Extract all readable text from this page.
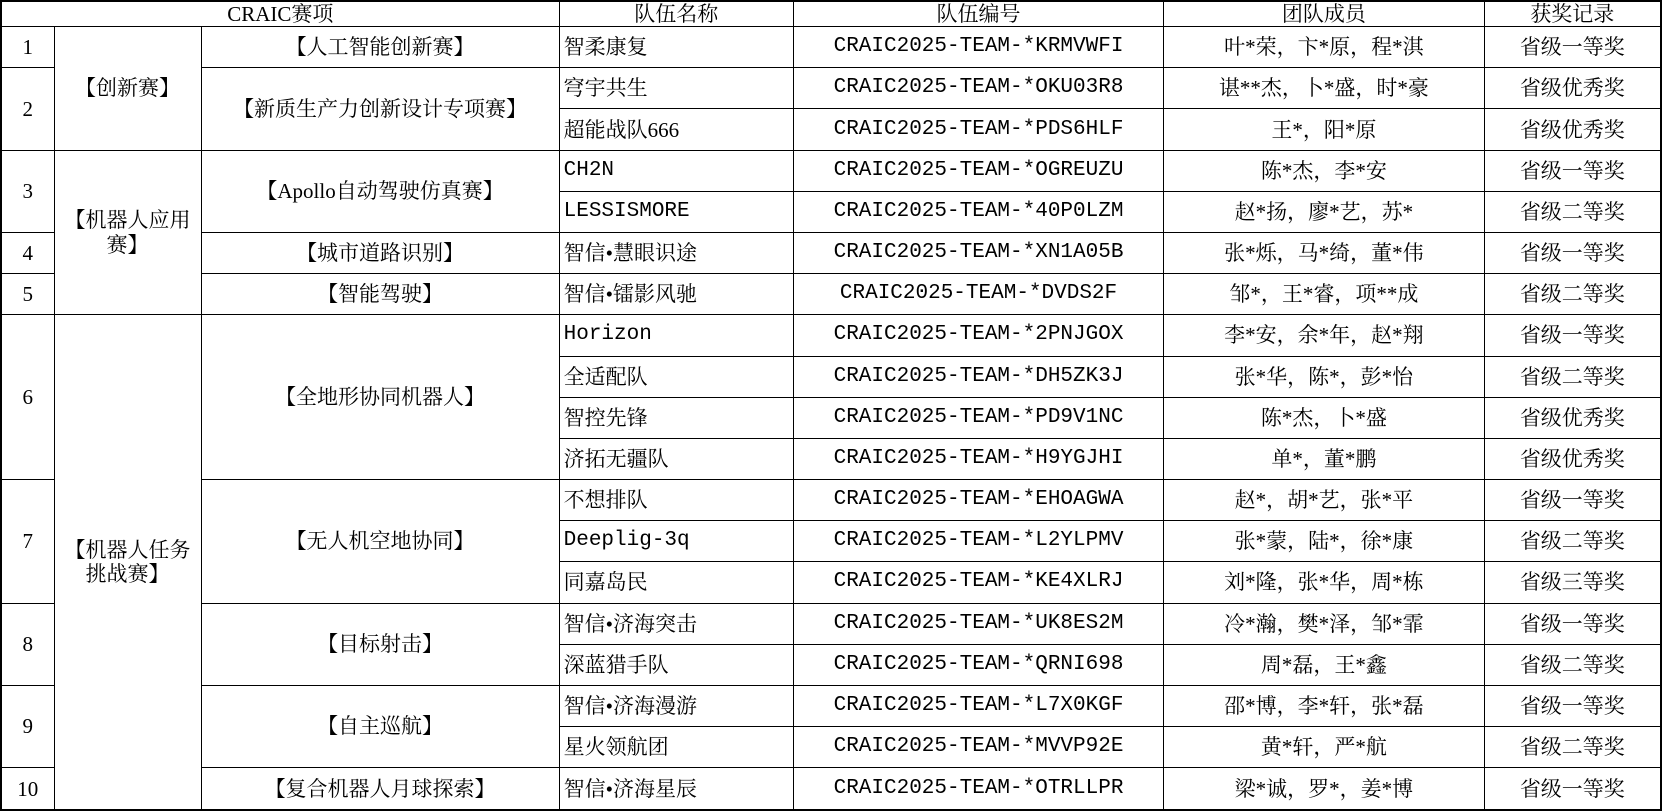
CRAIC赛项			队伍名称	队伍编号	团队成员	获奖记录
1	【创新赛】	【人工智能创新赛】	智柔康复	CRAIC2025-TEAM-*KRMVWFI	叶*荣，卞*原，程*淇	省级一等奖
2		【新质生产力创新设计专项赛】	穹宇共生	CRAIC2025-TEAM-*OKU03R8	谌**杰，卜*盛，时*豪	省级优秀奖
			超能战队666	CRAIC2025-TEAM-*PDS6HLF	王*，阳*原	省级优秀奖
3	【机器人应用赛】	【Apollo自动驾驶仿真赛】	CH2N	CRAIC2025-TEAM-*OGREUZU	陈*杰，李*安	省级一等奖
			LESSISMORE	CRAIC2025-TEAM-*40P0LZM	赵*扬，廖*艺，苏*	省级二等奖
4		【城市道路识别】	智信•慧眼识途	CRAIC2025-TEAM-*XN1A05B	张*烁，马*绮，董*伟	省级一等奖
5		【智能驾驶】	智信•镭影风驰	CRAIC2025-TEAM-*DVDS2F	邹*，王*睿，项**成	省级二等奖
6	【机器人任务挑战赛】	【全地形协同机器人】	Horizon	CRAIC2025-TEAM-*2PNJGOX	李*安，余*年，赵*翔	省级一等奖
			全适配队	CRAIC2025-TEAM-*DH5ZK3J	张*华，陈*，彭*怡	省级二等奖
			智控先锋	CRAIC2025-TEAM-*PD9V1NC	陈*杰，卜*盛	省级优秀奖
			济拓无疆队	CRAIC2025-TEAM-*H9YGJHI	单*，董*鹏	省级优秀奖
7		【无人机空地协同】	不想排队	CRAIC2025-TEAM-*EHOAGWA	赵*，胡*艺，张*平	省级一等奖
			Deeplig-3q	CRAIC2025-TEAM-*L2YLPMV	张*蒙，陆*，徐*康	省级二等奖
			同嘉岛民	CRAIC2025-TEAM-*KE4XLRJ	刘*隆，张*华，周*栋	省级三等奖
8		【目标射击】	智信•济海突击	CRAIC2025-TEAM-*UK8ES2M	冷*瀚，樊*泽，邹*霏	省级一等奖
			深蓝猎手队	CRAIC2025-TEAM-*QRNI698	周*磊，王*鑫	省级二等奖
9		【自主巡航】	智信•济海漫游	CRAIC2025-TEAM-*L7X0KGF	邵*博，李*轩，张*磊	省级一等奖
			星火领航团	CRAIC2025-TEAM-*MVVP92E	黄*轩，严*航	省级二等奖
10		【复合机器人月球探索】	智信•济海星辰	CRAIC2025-TEAM-*OTRLLPR	梁*诚，罗*，姜*博	省级一等奖
